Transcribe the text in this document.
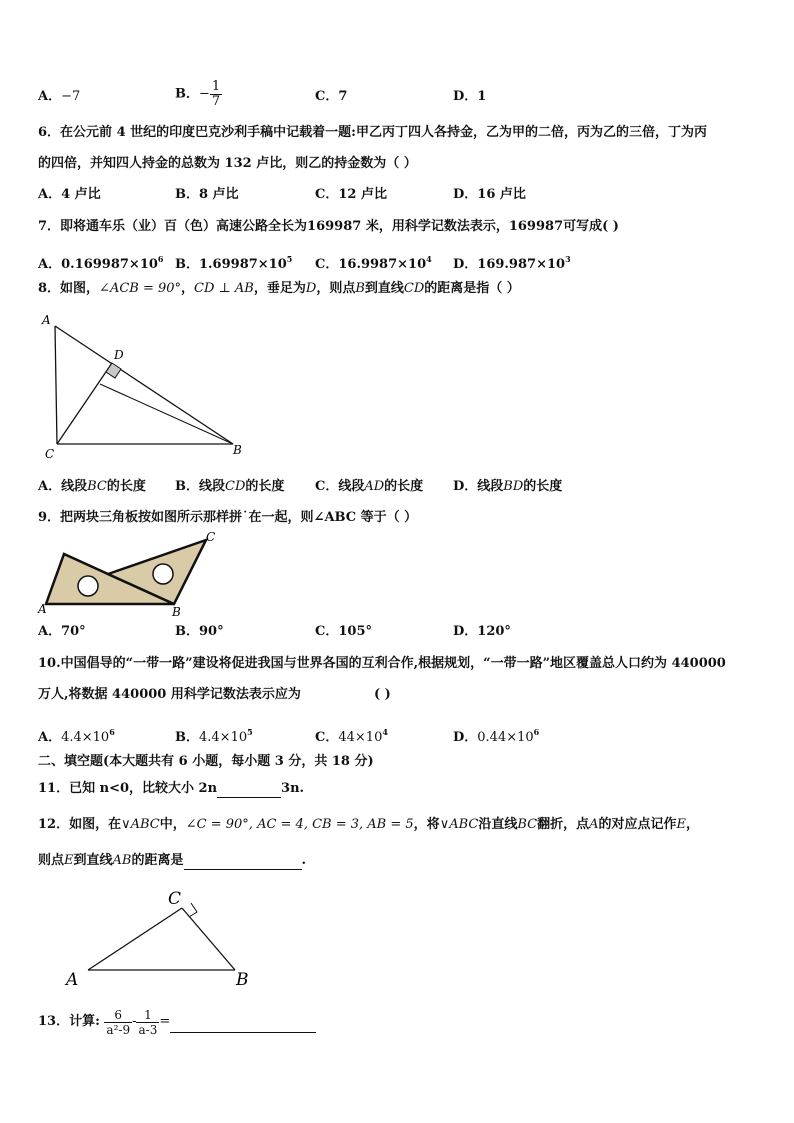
A．−7	B．− $\frac{1}{7}$	C．7	D．1
6．在公元前 4 世纪的印度巴克沙利手稿中记载着一题:甲乙丙丁四人各持金，乙为甲的二倍，丙为乙的三倍，丁为丙
的四倍，并知四人持金的总数为 132 卢比，则乙的持金数为（ ）
A．4 卢比	B．8 卢比	C．12 卢比	D．16 卢比
7．即将通车乐（业）百（色）高速公路全长为169987 米，用科学记数法表示，169987可写成( )
A．$0.169987\times 10^6$ B．$1.69987\times 10^5$ C．$16.9987\times 10^4$ D．$169.987\times 10^3$
8．如图，∠ACB = 90°，CD ⊥ AB，垂足为D，则点B到直线CD的距离是指（ ）
A
D
C	B
A．线段BC的长度 B．线段CD的长度 C．线段AD的长度 D．线段BD的长度
9．把两块三角板按如图所示那样拼˙在一起，则∠ABC 等于（ ）
A	B
C
A．70°	B．90°	C．105°	D．120°
10.中国倡导的“一带一路”建设将促进我国与世界各国的互利合作,根据规划，“一带一路”地区覆盖总人口约为 440000
万人,将数据 440000 用科学记数法表示应为	( )
A．$4.4\times 10^6$	B．$4.4\times 10^5$	C．$44\times 10^4$	D．$0.44\times 10^6$
二、填空题(本大题共有 6 小题，每小题 3 分，共 18 分)
11．已知 n<0，比较大小 2n	3n.
12．如图，在∨ABC中，∠C = 90°, AC = 4, CB = 3, AB = 5，将∨ABC沿直线BC翻折，点A的对应点记作E，
则点E到直线AB的距离是	.
C
A	B
13．计算: $\frac{6}{\text{a²-9}} - \frac{1}{a-3}$ =
